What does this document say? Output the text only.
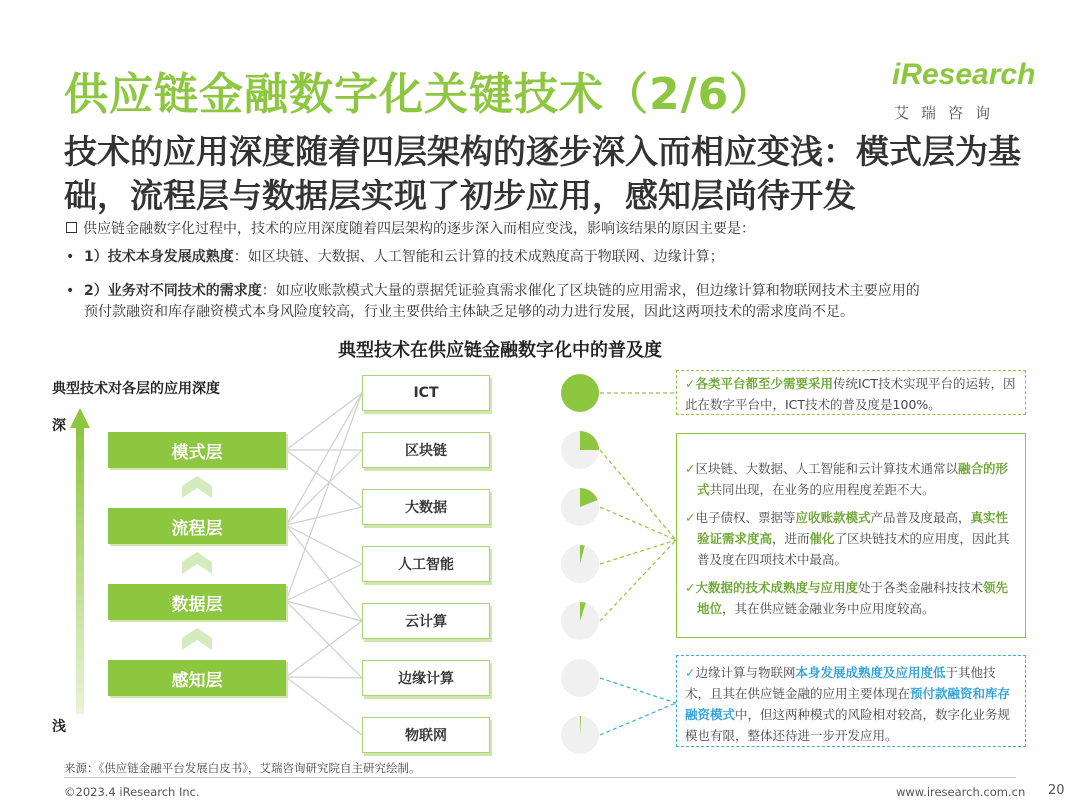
供应链金融数字化关键技术（2/6）	iResearch
艾瑞咨询
技术的应用深度随着四层架构的逐步深入而相应变浅：模式层为基础，流程层与数据层实现了初步应用，感知层尚待开发
供应链金融数字化过程中，技术的应用深度随着四层架构的逐步深入而相应变浅，影响该结果的原因主要是：
• 1）技术本身发展成熟度：如区块链、大数据、人工智能和云计算的技术成熟度高于物联网、边缘计算；
• 2）业务对不同技术的需求度：如应收账款模式大量的票据凭证验真需求催化了区块链的应用需求，但边缘计算和物联网技术主要应用的
预付款融资和库存融资模式本身风险度较高，行业主要供给主体缺乏足够的动力进行发展，因此这两项技术的需求度尚不足。
典型技术在供应链金融数字化中的普及度
典型技术对各层的应用深度
深
浅
模式层
流程层
数据层
感知层
ICT
区块链
大数据
人工智能
云计算
边缘计算
物联网
✓各类平台都至少需要采用传统ICT技术实现平台的运转，因此在数字平台中，ICT技术的普及度是100%。
✓区块链、大数据、人工智能和云计算技术通常以融合的形式共同出现，在业务的应用程度差距不大。
✓电子债权、票据等应收账款模式产品普及度最高，真实性验证需求度高，进而催化了区块链技术的应用度，因此其普及度在四项技术中最高。
✓大数据的技术成熟度与应用度处于各类金融科技技术领先地位，其在供应链金融业务中应用度较高。
✓边缘计算与物联网本身发展成熟度及应用度低于其他技术，且其在供应链金融的应用主要体现在预付款融资和库存融资模式中，但这两种模式的风险相对较高，数字化业务规模也有限，整体还待进一步开发应用。
来源：《供应链金融平台发展白皮书》，艾瑞咨询研究院自主研究绘制。
©2023.4 iResearch Inc.	www.iresearch.com.cn 20
